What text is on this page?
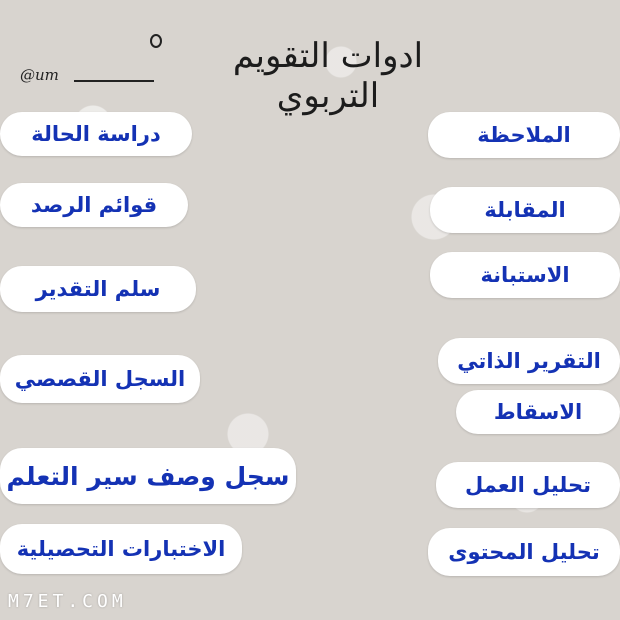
ادوات التقويم التربوي
@um
دراسة الحالة
قوائم الرصد
سلم التقدير
السجل القصصي
سجل وصف سير التعلم
الاختبارات التحصيلية
الملاحظة
المقابلة
الاستبانة
التقرير الذاتي
الاسقاط
تحليل العمل
تحليل المحتوى
M7ET.COM
